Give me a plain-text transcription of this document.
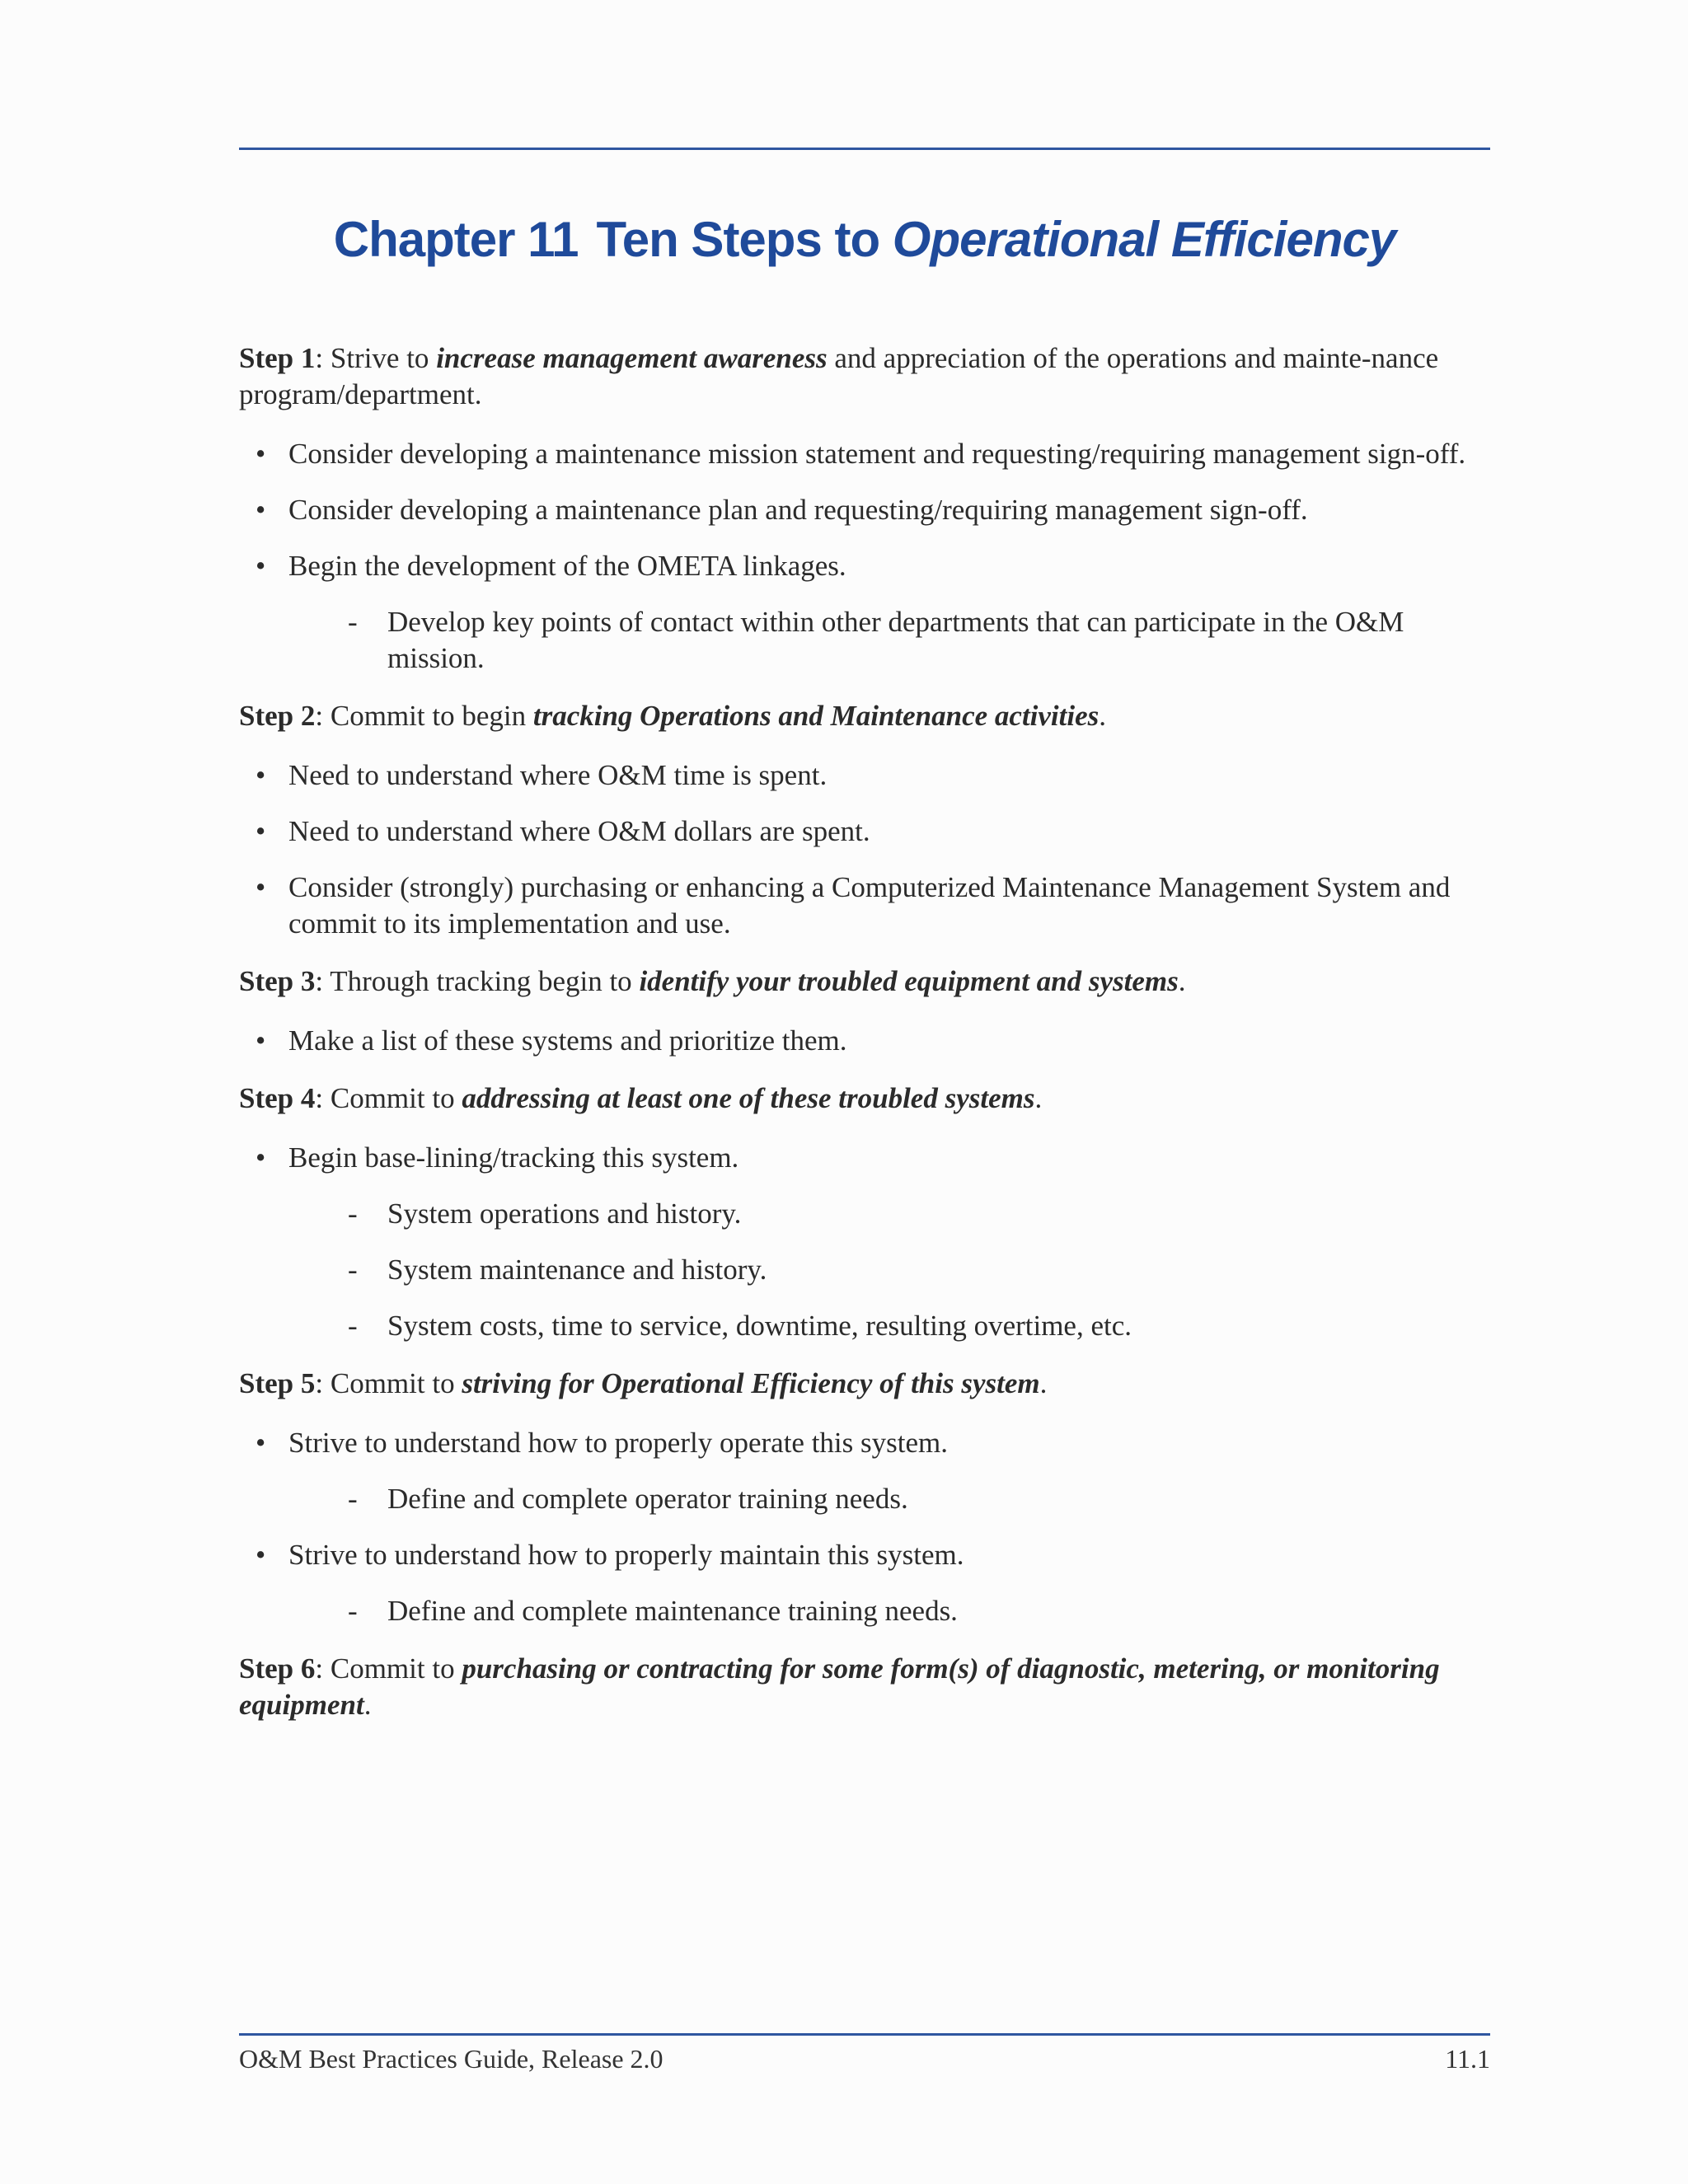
Chapter 11 Ten Steps to Operational Efficiency

Step 1: Strive to increase management awareness and appreciation of the operations and mainte-nance program/department.

• Consider developing a maintenance mission statement and requesting/requiring management sign-off.
• Consider developing a maintenance plan and requesting/requiring management sign-off.
• Begin the development of the OMETA linkages.
- Develop key points of contact within other departments that can participate in the O&M mission.

Step 2: Commit to begin tracking Operations and Maintenance activities.

• Need to understand where O&M time is spent.
• Need to understand where O&M dollars are spent.
• Consider (strongly) purchasing or enhancing a Computerized Maintenance Management System and commit to its implementation and use.

Step 3: Through tracking begin to identify your troubled equipment and systems.

• Make a list of these systems and prioritize them.

Step 4: Commit to addressing at least one of these troubled systems.

• Begin base-lining/tracking this system.
- System operations and history.
- System maintenance and history.
- System costs, time to service, downtime, resulting overtime, etc.

Step 5: Commit to striving for Operational Efficiency of this system.

• Strive to understand how to properly operate this system.
- Define and complete operator training needs.
• Strive to understand how to properly maintain this system.
- Define and complete maintenance training needs.

Step 6: Commit to purchasing or contracting for some form(s) of diagnostic, metering, or monitoring equipment.

O&M Best Practices Guide, Release 2.0	11.1
